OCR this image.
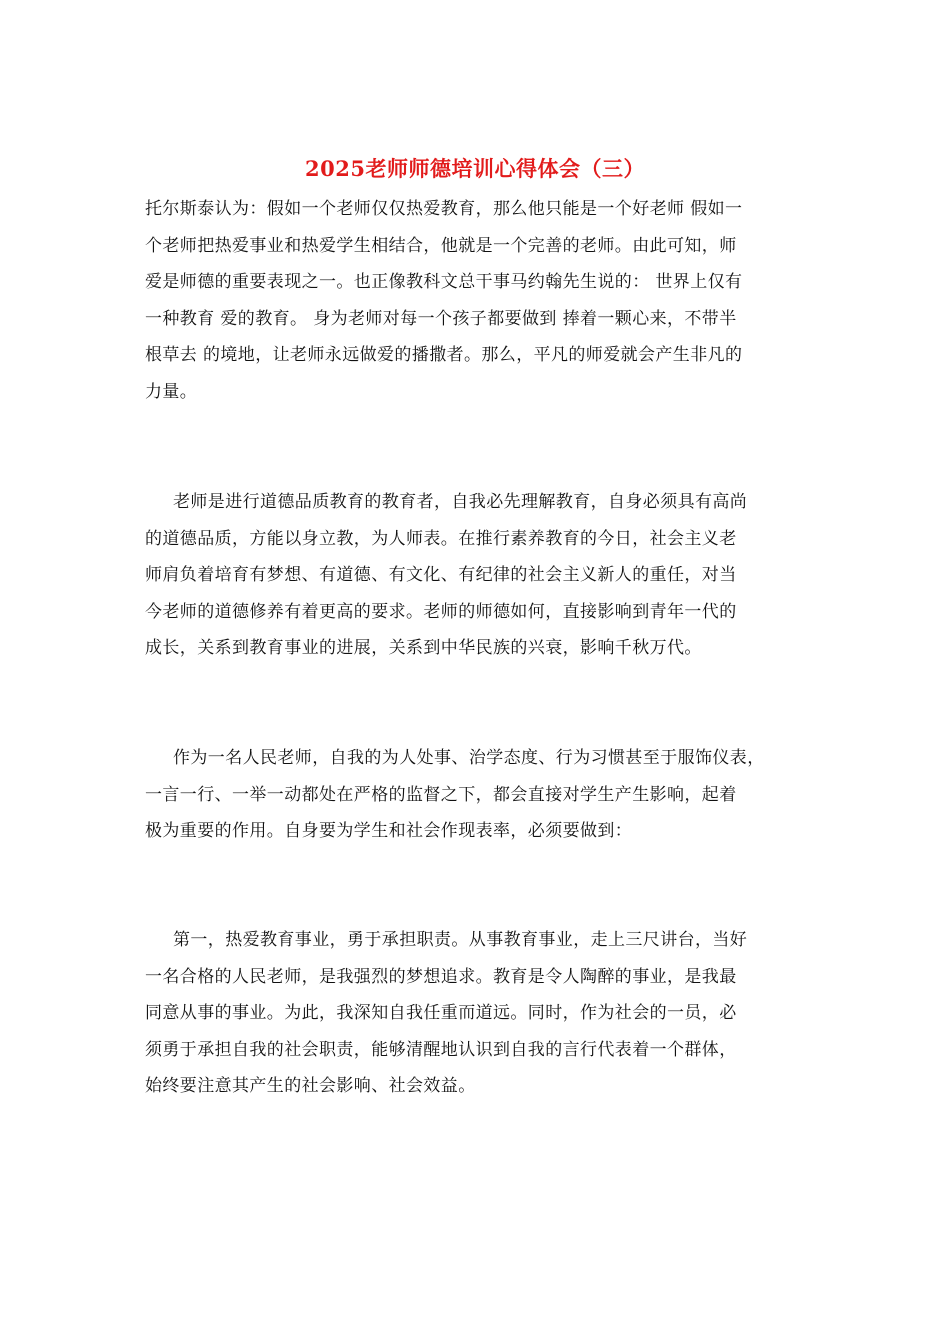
2025老师师德培训心得体会（三）
托尔斯泰认为：假如一个老师仅仅热爱教育，那么他只能是一个好老师 假如一
个老师把热爱事业和热爱学生相结合，他就是一个完善的老师。由此可知，师
爱是师德的重要表现之一。也正像教科文总干事马约翰先生说的： 世界上仅有
一种教育 爱的教育。 身为老师对每一个孩子都要做到 捧着一颗心来，不带半
根草去 的境地，让老师永远做爱的播撒者。那么，平凡的师爱就会产生非凡的
力量。
老师是进行道德品质教育的教育者，自我必先理解教育，自身必须具有高尚
的道德品质，方能以身立教，为人师表。在推行素养教育的今日，社会主义老
师肩负着培育有梦想、有道德、有文化、有纪律的社会主义新人的重任，对当
今老师的道德修养有着更高的要求。老师的师德如何，直接影响到青年一代的
成长，关系到教育事业的进展，关系到中华民族的兴衰，影响千秋万代。
作为一名人民老师，自我的为人处事、治学态度、行为习惯甚至于服饰仪表，
一言一行、一举一动都处在严格的监督之下，都会直接对学生产生影响，起着
极为重要的作用。自身要为学生和社会作现表率，必须要做到：
第一，热爱教育事业，勇于承担职责。从事教育事业，走上三尺讲台，当好
一名合格的人民老师，是我强烈的梦想追求。教育是令人陶醉的事业，是我最
同意从事的事业。为此，我深知自我任重而道远。同时，作为社会的一员，必
须勇于承担自我的社会职责，能够清醒地认识到自我的言行代表着一个群体，
始终要注意其产生的社会影响、社会效益。
